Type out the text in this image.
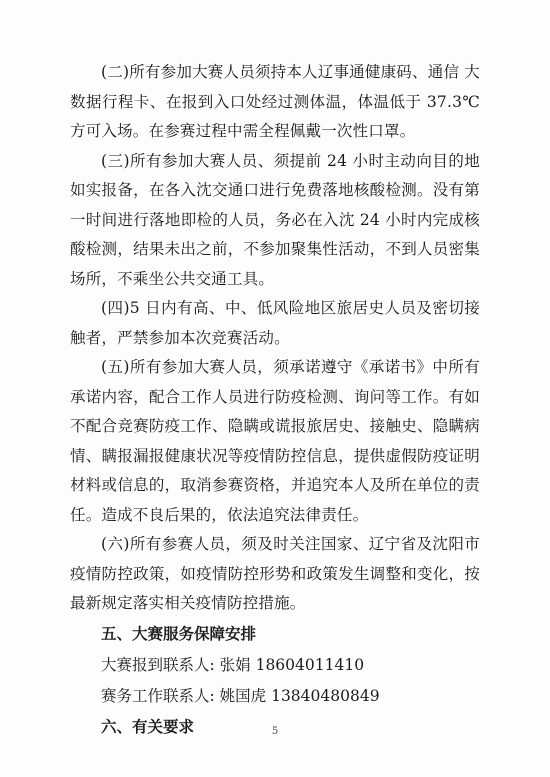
(二)所有参加大赛人员须持本人辽事通健康码、通信 大数据行程卡、在报到入口处经过测体温，体温低于 37.3℃方可入场。在参赛过程中需全程佩戴一次性口罩。

(三)所有参加大赛人员、须提前 24 小时主动向目的地如实报备，在各入沈交通口进行免费落地核酸检测。没有第一时间进行落地即检的人员，务必在入沈 24 小时内完成核酸检测，结果未出之前，不参加聚集性活动，不到人员密集场所，不乘坐公共交通工具。

(四)5 日内有高、中、低风险地区旅居史人员及密切接触者，严禁参加本次竞赛活动。

(五)所有参加大赛人员，须承诺遵守《承诺书》中所有承诺内容，配合工作人员进行防疫检测、询问等工作。有如不配合竞赛防疫工作、隐瞒或谎报旅居史、接触史、隐瞒病情、瞒报漏报健康状况等疫情防控信息，提供虚假防疫证明材料或信息的，取消参赛资格，并追究本人及所在单位的责任。造成不良后果的，依法追究法律责任。

(六)所有参赛人员，须及时关注国家、辽宁省及沈阳市疫情防控政策，如疫情防控形势和政策发生调整和变化，按最新规定落实相关疫情防控措施。

五、大赛服务保障安排

大赛报到联系人: 张娟 18604011410

赛务工作联系人: 姚国虎 13840480849

六、有关要求	5
